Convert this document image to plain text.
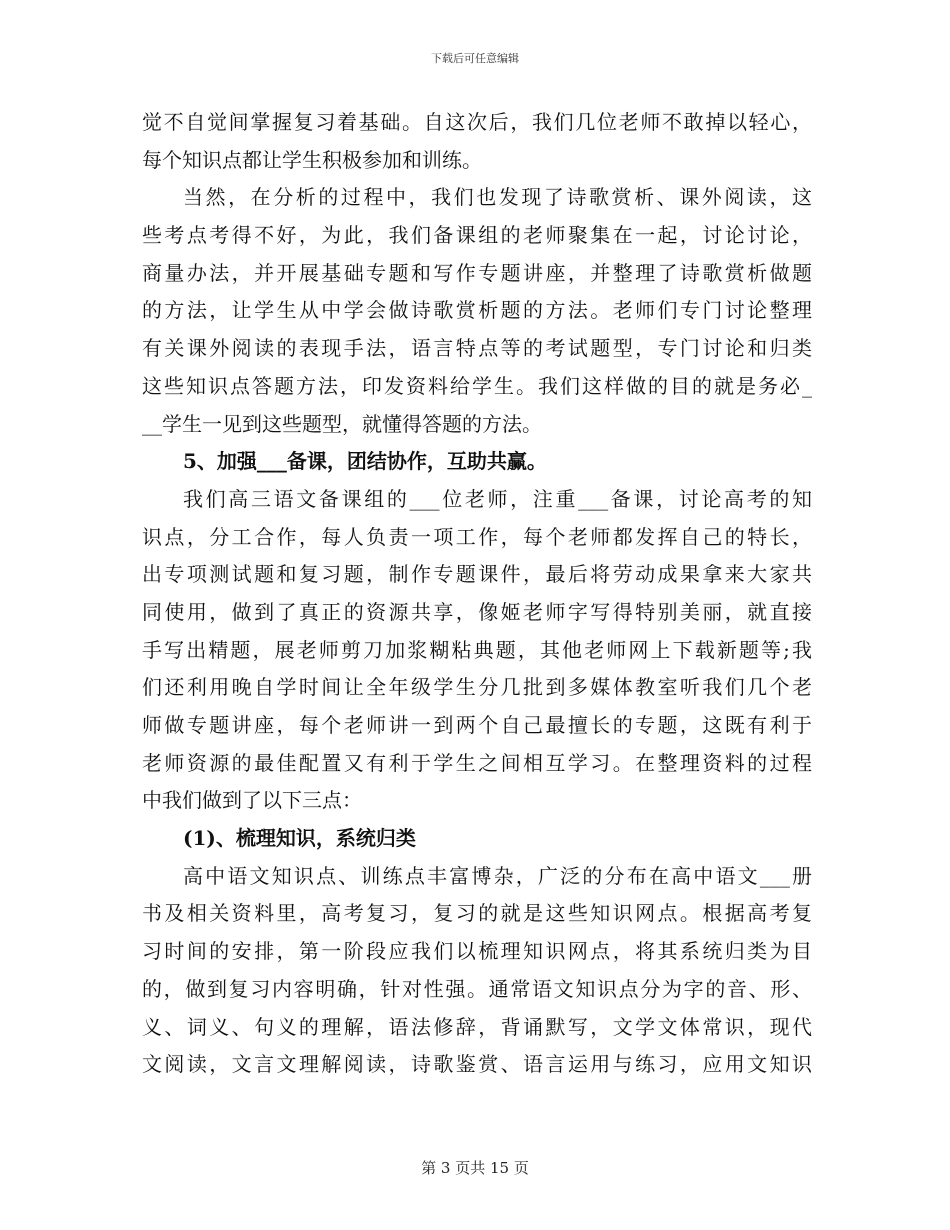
下载后可任意编辑
觉不自觉间掌握复习着基础。自这次后，我们几位老师不敢掉以轻心，
每个知识点都让学生积极参加和训练。
当然，在分析的过程中，我们也发现了诗歌赏析、课外阅读，这
些考点考得不好，为此，我们备课组的老师聚集在一起，讨论讨论，
商量办法，并开展基础专题和写作专题讲座，并整理了诗歌赏析做题
的方法，让学生从中学会做诗歌赏析题的方法。老师们专门讨论整理
有关课外阅读的表现手法，语言特点等的考试题型，专门讨论和归类
这些知识点答题方法，印发资料给学生。我们这样做的目的就是务必_
__学生一见到这些题型，就懂得答题的方法。
5、加强___备课，团结协作，互助共赢。
我们高三语文备课组的___位老师，注重___备课，讨论高考的知
识点，分工合作，每人负责一项工作，每个老师都发挥自己的特长，
出专项测试题和复习题，制作专题课件，最后将劳动成果拿来大家共
同使用，做到了真正的资源共享，像姬老师字写得特别美丽，就直接
手写出精题，展老师剪刀加浆糊粘典题，其他老师网上下载新题等;我
们还利用晚自学时间让全年级学生分几批到多媒体教室听我们几个老
师做专题讲座，每个老师讲一到两个自己最擅长的专题，这既有利于
老师资源的最佳配置又有利于学生之间相互学习。在整理资料的过程
中我们做到了以下三点：
(1)、梳理知识，系统归类
高中语文知识点、训练点丰富博杂，广泛的分布在高中语文___册
书及相关资料里，高考复习，复习的就是这些知识网点。根据高考复
习时间的安排，第一阶段应我们以梳理知识网点，将其系统归类为目
的，做到复习内容明确，针对性强。通常语文知识点分为字的音、形、
义、词义、句义的理解，语法修辞，背诵默写，文学文体常识，现代
文阅读，文言文理解阅读，诗歌鉴赏、语言运用与练习，应用文知识
第 3 页共 15 页
